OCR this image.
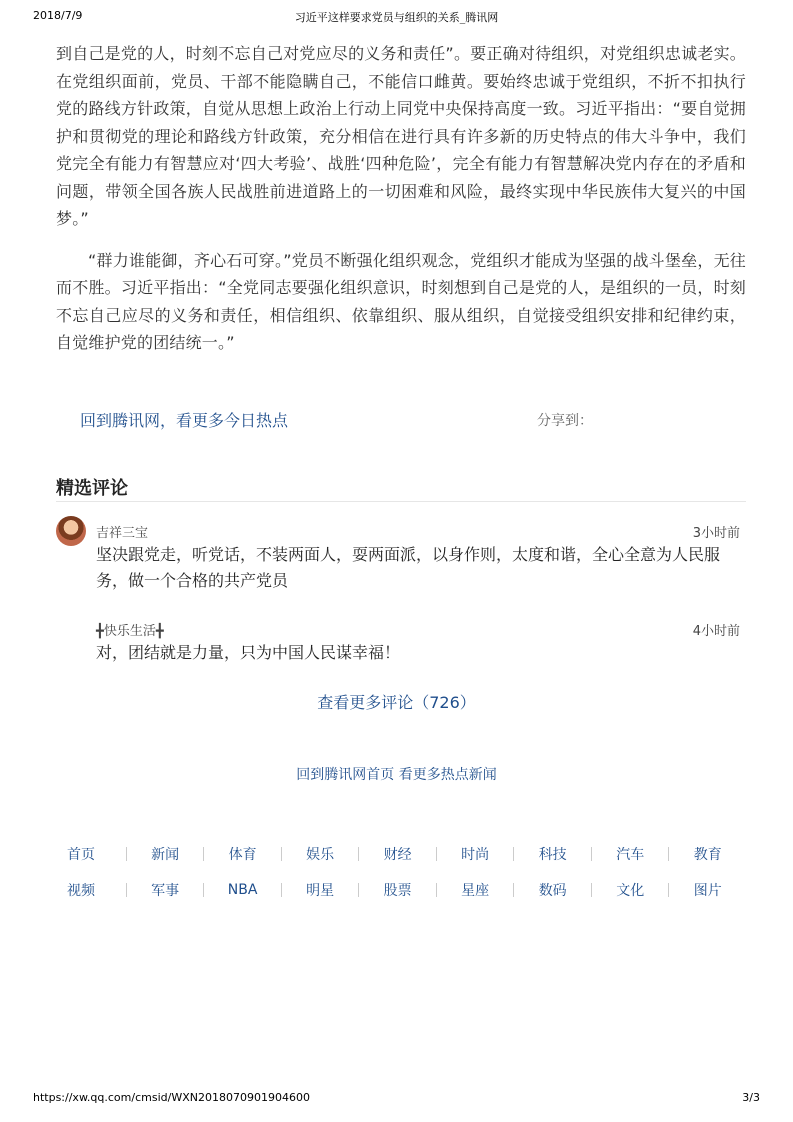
2018/7/9	习近平这样要求党员与组织的关系_腾讯网

到自己是党的人，时刻不忘自己对党应尽的义务和责任”。要正确对待组织，对党组织忠诚老实。在党组织面前，党员、干部不能隐瞒自己，不能信口雌黄。要始终忠诚于党组织，不折不扣执行党的路线方针政策，自觉从思想上政治上行动上同党中央保持高度一致。习近平指出：“要自觉拥护和贯彻党的理论和路线方针政策，充分相信在进行具有许多新的历史特点的伟大斗争中，我们党完全有能力有智慧应对‘四大考验’、战胜‘四种危险’，完全有能力有智慧解决党内存在的矛盾和问题，带领全国各族人民战胜前进道路上的一切困难和风险，最终实现中华民族伟大复兴的中国梦。”

“群力谁能御，齐心石可穿。”党员不断强化组织观念，党组织才能成为坚强的战斗堡垒，无往而不胜。习近平指出：“全党同志要强化组织意识，时刻想到自己是党的人，是组织的一员，时刻不忘自己应尽的义务和责任，相信组织、依靠组织、服从组织，自觉接受组织安排和纪律约束，自觉维护党的团结统一。”

回到腾讯网，看更多今日热点	分享到：
精选评论
吉祥三宝	3小时前
坚决跟党走，听党话，不装两面人，耍两面派，以身作则，太度和谐，全心全意为人民服务，做一个合格的共产党员
╋快乐生活╋	4小时前
对，团结就是力量，只为中国人民谋幸福！
查看更多评论（726）
回到腾讯网首页 看更多热点新闻
首页	新闻	体育	娱乐	财经	时尚	科技	汽车	教育
视频	军事	NBA	明星	股票	星座	数码	文化	图片
https://xw.qq.com/cmsid/WXN2018070901904600	3/3
